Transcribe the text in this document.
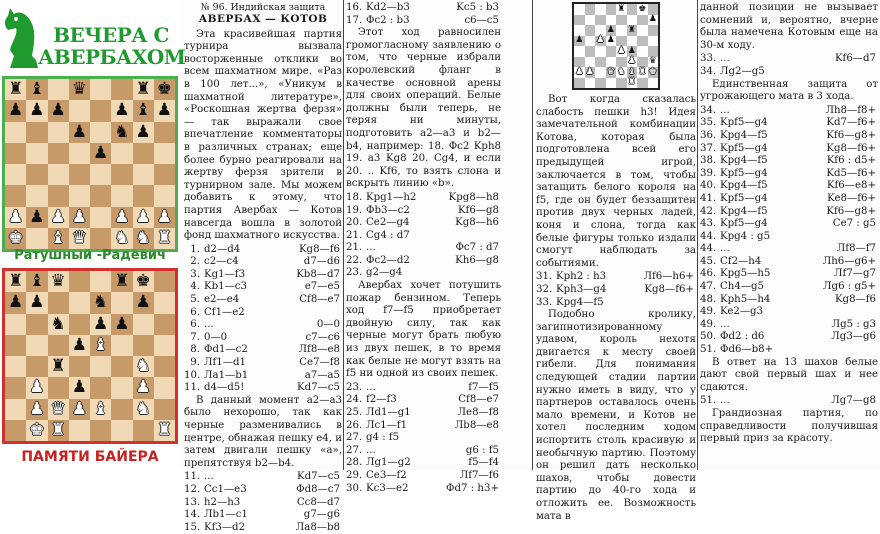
ВЕЧЕРА С
АВЕРБАХОМ
♜ ♝ ♛	♜ ♚
♟ ♟ ♟	♟ ♝ ♟
♟ ♞ ♟
♟
♟ ♟ ♟ ♟ ♟ ♟ ♟
♚ ♝ ♛ ♞ ♞ ♜
Ратушный -Радевич
♜ ♝ ♛	♜ ♚
♟ ♟	♞ ♟
♞ ♟ ♟
♟ ♝
♜	♞
♟ ♟	♟
♟ ♛ ♟ ♝ ♞
♚ ♜	♜
ПАМЯТИ БАЙЕРА
№ 96. Индийская защита
АВЕРБАХ — КОТОВ

Эта красивейшая партия турнира вызвала восторженные отклики во всем шахматном мире. «Раз в 100 лет...», «Уникум в шахматной литературе», «Роскошная жертва ферзя» — так выражали свое впечатление комментаторы в различных странах; еще более бурно реагировали на жертву ферзя зрители в турнирном зале. Мы можем добавить к этому, что партия Авербах — Котов навсегда вошла в золотой фонд шахматного искусства.

1. d2—d4	Kg8—f6
2. c2—c4	d7—d6
3. Kg1—f3	Kb8—d7
4. Kb1—c3	e7—e5
5. e2—e4	Cf8—e7
6. Cf1—e2
6. ...	0—0
7. 0—0	c7—c6
8. Фd1—c2	Лf8—e8
9. Лf1—d1	Ce7—f8
10. Лa1—b1	a7—a5
11. d4—d5!	Kd7—c5

В данный момент a2—a3 было нехорошо, так как черные разменивались в центре, обнажая пешку e4, и затем двигали пешку «a», препятствуя b2—b4.

11. ...	Kd7—c5
12. Cc1—e3	Фd8—c7
13. h2—h3	Cc8—d7
14. Лb1—c1	g7—g6
15. Kf3—d2	Лa8—b8
16. Kd2—b3	Kc5 : b3
17. Фc2 : b3	c6—c5

Этот ход равносилен громогласному заявлению о том, что черные избрали королевский фланг в качестве основной арены для своих операций. Белые должны были теперь, не теряя ни минуты, подготовить a2—a3 и b2—b4, например: 18. Фc2 Kph8 19. a3 Kg8 20. Cg4, и если 20. .. Kf6, то взять слона и вскрыть линию «b».

18. Kpg1—h2	Kpg8—h8
19. Фb3—c2	Kf6—g8
20. Ce2—g4	Kg8—h6
21. Cg4 : d7
21. ...	Фc7 : d7
22. Фc2—d2	Kh6—g8
23. g2—g4

Авербах хочет потушить пожар бензином. Теперь ход f7—f5 приобретает двойную силу, так как черные могут брать любую из двух пешек, в то время как белые не могут взять на f5 ни одной из своих пешек.

23. ...	f7—f5
24. f2—f3	Cf8—e7
25. Лd1—g1	Лe8—f8
26. Лc1—f1	Лb8—e8
27. g4 : f5
27. ...	g6 : f5
28. Лg1—g2	f5—f4
29. Ce3—f2	Лf7—f6
30. Kc3—e2	Фd7 : h3+
♜ ♚
♟
♟ ♜
♟ ♟ ♟
♟ ♟
♟ ♛
♟ ♟ ♛ ♞ ♝ ♜ ♚
♜

Вот когда сказалась слабость пешки h3! Идея замечательной комбинации Котова, которая была подготовлена всей его предыдущей игрой, заключается в том, чтобы затащить белого короля на f5, где он будет беззащитен против двух черных ладей, коня и слона, тогда как белые фигуры только издали смогут наблюдать за событиями.

31. Kph2 : h3	Лf6—h6+
32. Kph3—g4	Kg8—f6+
33. Kpg4—f5

Подобно кролику, загипнотизированному удавом, король нехотя двигается к месту своей гибели. Для понимания следующей стадии партии нужно иметь в виду, что у партнеров оставалось очень мало времени, и Котов не хотел последним ходом испортить столь красивую и необычную партию. Поэтому он решил дать несколько шахов, чтобы довести партию до 40-го хода и отложить ее. Возможность мата в

данной позиции не вызывает сомнений и, вероятно, вчерне была намечена Котовым еще на 30-м ходу.

33. ...	Kf6—d7
34. Лg2—g5

Единственная защита от угрожающего мата в 3 хода.

34. ...	Лh8—f8+
35. Kpf5—g4	Kd7—f6+
36. Kpg4—f5	Kf6—g8+
37. Kpf5—g4	Kg8—f6+
38. Kpg4—f5	Kf6 : d5+
39. Kpf5—g4	Kd5—f6+
40. Kpg4—f5	Kf6—e8+
41. Kpf5—g4	Ke8—f6+
42. Kpg4—f5	Kf6—g8+
43. Kpf5—g4	Ce7 : g5
44. Kpg4 : g5
44. ...	Лf8—f7
45. Cf2—h4	Лh6—g6+
46. Kpg5—h5	Лf7—g7
47. Ch4—g5	Лg6 : g5+
48. Kph5—h4	Kg8—f6
49. Ke2—g3
49. ...	Лg5 : g3
50. Фd2 : d6	Лg3—g6
51. Фd6—b8+

В ответ на 13 шахов белые дают свой первый шах и нее сдаются.

51. ...	Лg7—g8

Грандиозная партия, по справедливости получившая первый приз за красоту.
